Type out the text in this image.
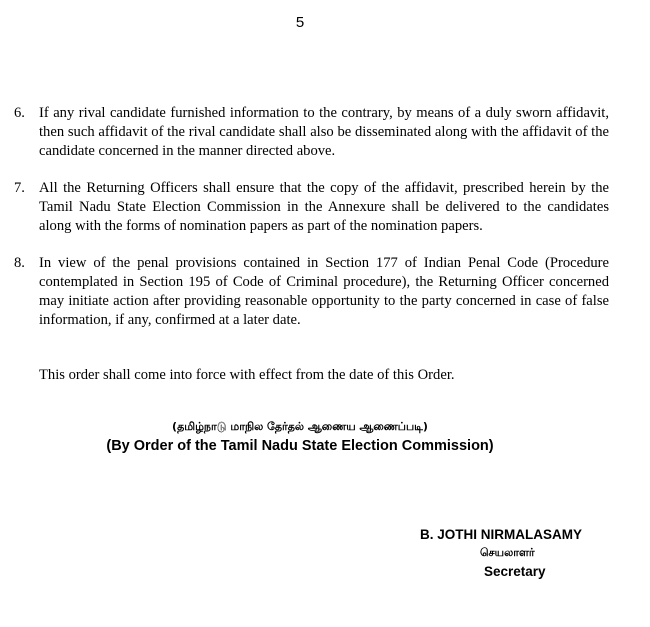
5
6. If any rival candidate furnished information to the contrary, by means of a duly sworn affidavit, then such affidavit of the rival candidate shall also be disseminated along with the affidavit of the candidate concerned in the manner directed above.
7. All the Returning Officers shall ensure that the copy of the affidavit, prescribed herein by the Tamil Nadu State Election Commission in the Annexure shall be delivered to the candidates along with the forms of nomination papers as part of the nomination papers.
8. In view of the penal provisions contained in Section 177 of Indian Penal Code (Procedure contemplated in Section 195 of Code of Criminal procedure), the Returning Officer concerned may initiate action after providing reasonable opportunity to the party concerned in case of false information, if any, confirmed at a later date.
This order shall come into force with effect from the date of this Order.
(தமிழ்நாடு மாநில தேர்தல் ஆணைய ஆணைப்படி)
(By Order of the Tamil Nadu State Election Commission)
B. JOTHI NIRMALASAMY
செயலாளர்
Secretary
